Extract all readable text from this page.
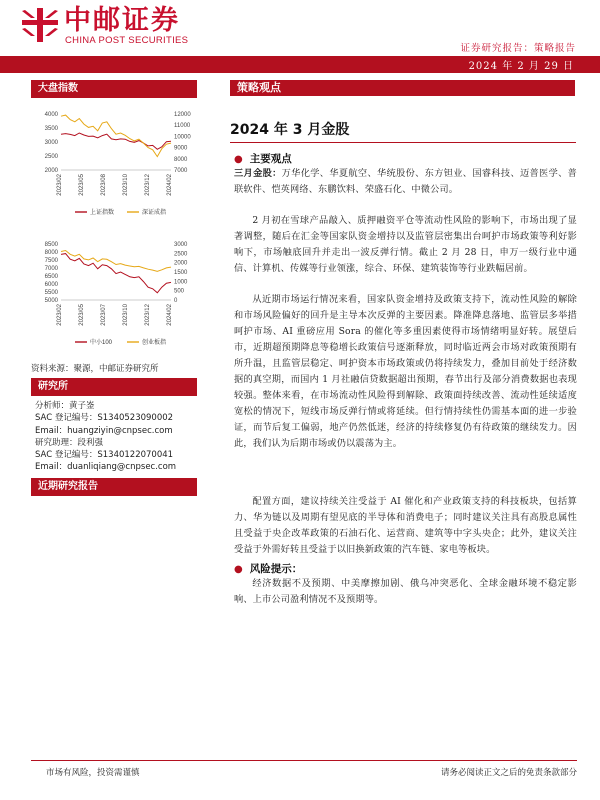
中邮证券
CHINA POST SECURITIES
证券研究报告：策略报告
2024 年 2 月 29 日
大盘指数
4000
3500
3000
2500
2000
12000
11000
10000
9000
8000
7000
2023/02	2023/05	2023/08	2023/10	2023/12	2024/02
上证指数	深证成指
8500
8000
7500
7000
6500
6000
5500
5000
3000
2500
2000
1500
1000
500
0
2023/02	2023/05	2023/07	2023/10	2023/12	2024/02
中小100	创业板指
资料来源：聚源，中邮证券研究所
研究所
分析师：黄子崟
SAC 登记编号：S1340523090002
Email：huangziyin@cnpsec.com
研究助理：段利强
SAC 登记编号：S1340122070041
Email：duanliqiang@cnpsec.com
近期研究报告
策略观点
2024 年 3 月金股
● 主要观点
三月金股：万华化学、华夏航空、华统股份、东方钽业、国睿科技、迈普医学、普联软件、恺英网络、东鹏饮料、荣盛石化、中微公司。
2 月初在雪球产品敲入、质押融资平仓等流动性风险的影响下，市场出现了显著调整，随后在汇金等国家队资金增持以及监管层密集出台呵护市场政策等利好影响下，市场触底回升并走出一波反弹行情。截止 2 月 28 日，申万一级行业中通信、计算机、传媒等行业领涨，综合、环保、建筑装饰等行业跌幅居前。
从近期市场运行情况来看，国家队资金增持及政策支持下，流动性风险的解除和市场风险偏好的回升是主导本次反弹的主要因素。降准降息落地、监管层多举措呵护市场、AI 重磅应用 Sora 的催化等多重因素使得市场情绪明显好转。展望后市，近期超预期降息等稳增长政策信号逐渐释放，同时临近两会市场对政策预期有所升温，且监管层稳定、呵护资本市场政策或仍将持续发力，叠加目前处于经济数据的真空期，而国内 1 月社融信贷数据超出预期，春节出行及部分消费数据也表现较强。整体来看，在市场流动性风险得到解除、政策面持续改善、流动性延续适度宽松的情况下，短线市场反弹行情或将延续。但行情持续性仍需基本面的进一步验证，而节后复工偏弱，地产仍然低迷，经济的持续修复仍有待政策的继续发力。因此，我们认为后期市场或仍以震荡为主。
配置方面，建议持续关注受益于 AI 催化和产业政策支持的科技板块，包括算力、华为链以及周期有望见底的半导体和消费电子；同时建议关注具有高股息属性且受益于央企改革政策的石油石化、运营商、建筑等中字头央企；此外，建议关注受益于外需好转且受益于以旧换新政策的汽车链、家电等板块。
● 风险提示：
经济数据不及预期、中美摩擦加剧、俄乌冲突恶化、全球金融环境不稳定影响、上市公司盈利情况不及预期等。
市场有风险，投资需谨慎	请务必阅读正文之后的免责条款部分
